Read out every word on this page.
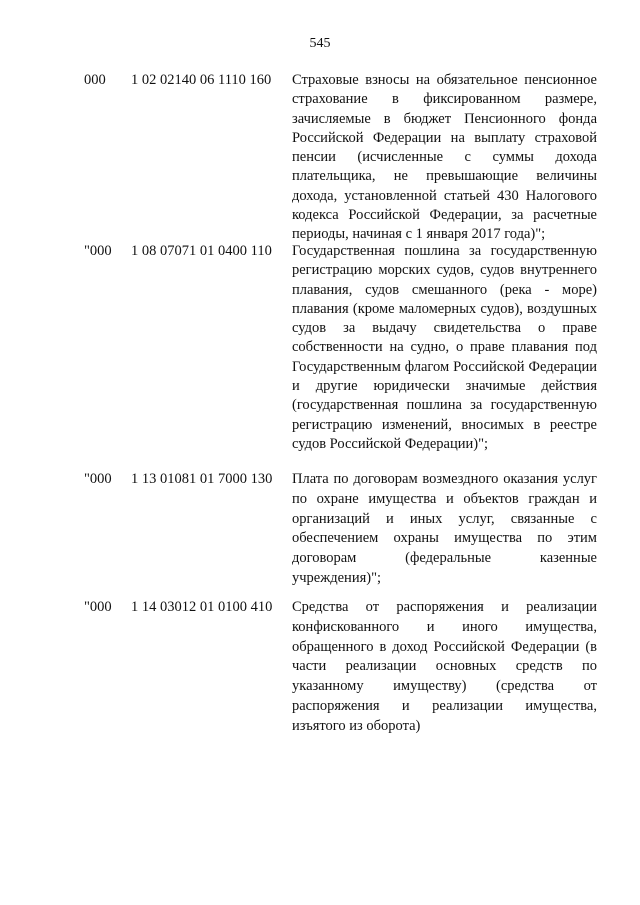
545
000 1 02 02140 06 1110 160 Страховые взносы на обязательное пенсионное страхование в фиксированном размере, зачисляемые в бюджет Пенсионного фонда Российской Федерации на выплату страховой пенсии (исчисленные с суммы дохода плательщика, не превышающие величины дохода, установленной статьей 430 Налогового кодекса Российской Федерации, за расчетные периоды, начиная с 1 января 2017 года)";
"000 1 08 07071 01 0400 110 Государственная пошлина за государственную регистрацию морских судов, судов внутреннего плавания, судов смешанного (река - море) плавания (кроме маломерных судов), воздушных судов за выдачу свидетельства о праве собственности на судно, о праве плавания под Государственным флагом Российской Федерации и другие юридически значимые действия (государственная пошлина за государственную регистрацию изменений, вносимых в реестре судов Российской Федерации)";
"000 1 13 01081 01 7000 130 Плата по договорам возмездного оказания услуг по охране имущества и объектов граждан и организаций и иных услуг, связанные с обеспечением охраны имущества по этим договорам (федеральные казенные учреждения)";
"000 1 14 03012 01 0100 410 Средства от распоряжения и реализации конфискованного и иного имущества, обращенного в доход Российской Федерации (в части реализации основных средств по указанному имуществу) (средства от распоряжения и реализации имущества, изъятого из оборота)
